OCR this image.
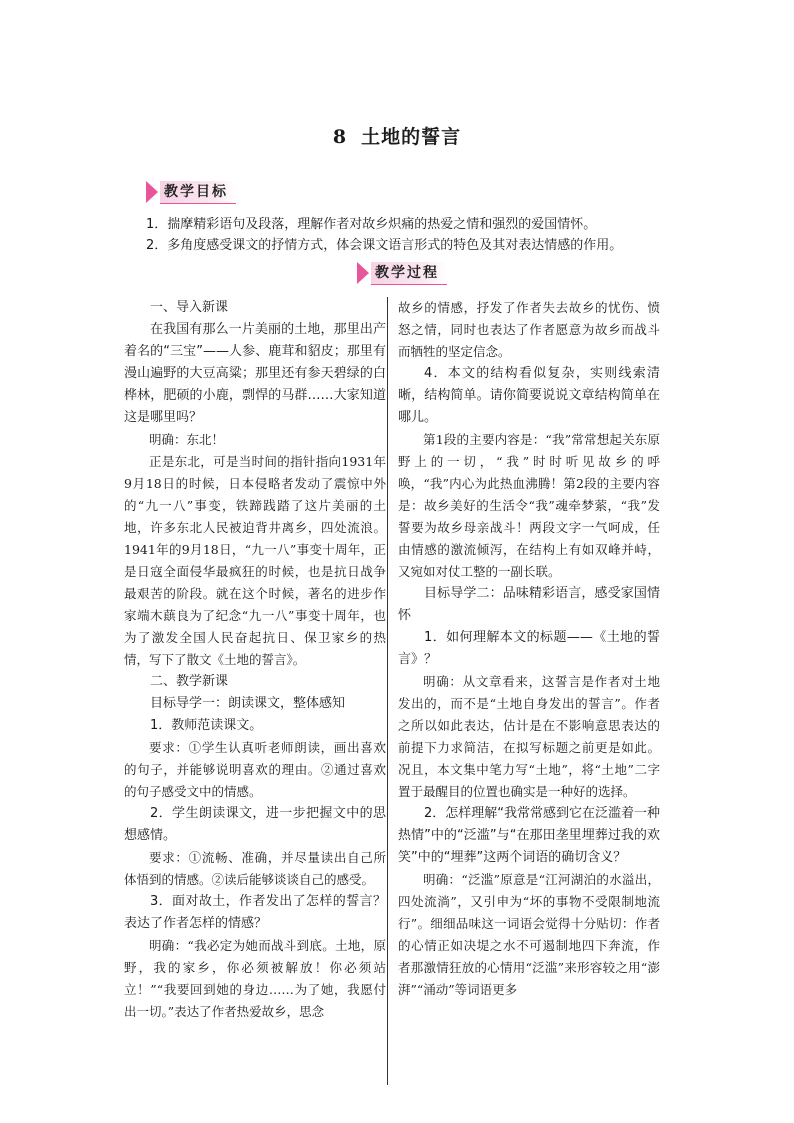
8 土地的誓言
教学目标
1．揣摩精彩语句及段落，理解作者对故乡炽痛的热爱之情和强烈的爱国情怀。
2．多角度感受课文的抒情方式，体会课文语言形式的特色及其对表达情感的作用。
教学过程

一、导入新课

在我国有那么一片美丽的土地，那里出产着名的“三宝”——人参、鹿茸和貂皮；那里有漫山遍野的大豆高粱；那里还有参天碧绿的白桦林，肥硕的小鹿，剽悍的马群……大家知道这是哪里吗？

明确：东北！

正是东北，可是当时间的指针指向1931年9月18日的时候，日本侵略者发动了震惊中外的“九一八”事变，铁蹄践踏了这片美丽的土地，许多东北人民被迫背井离乡，四处流浪。1941年的9月18日，“九一八”事变十周年，正是日寇全面侵华最疯狂的时候，也是抗日战争最艰苦的阶段。就在这个时候，著名的进步作家端木蕻良为了纪念“九一八”事变十周年，也为了激发全国人民奋起抗日、保卫家乡的热情，写下了散文《土地的誓言》。

二、教学新课

目标导学一：朗读课文，整体感知

1．教师范读课文。

要求：①学生认真听老师朗读，画出喜欢的句子，并能够说明喜欢的理由。②通过喜欢的句子感受文中的情感。

2．学生朗读课文，进一步把握文中的思想感情。

要求：①流畅、准确，并尽量读出自己所体悟到的情感。②读后能够谈谈自己的感受。

3．面对故土，作者发出了怎样的誓言？表达了作者怎样的情感？

明确：“我必定为她而战斗到底。土地，原野，我的家乡，你必须被解放！你必须站立！”“我要回到她的身边……为了她，我愿付出一切。”表达了作者热爱故乡，思念

故乡的情感，抒发了作者失去故乡的忧伤、愤怒之情，同时也表达了作者愿意为故乡而战斗而牺牲的坚定信念。

4．本文的结构看似复杂，实则线索清晰，结构简单。请你简要说说文章结构简单在哪儿。

第1段的主要内容是：“我”常常想起关东原野上的一切，“我”时时听见故乡的呼唤，“我”内心为此热血沸腾！第2段的主要内容是：故乡美好的生活令“我”魂牵梦萦，“我”发誓要为故乡母亲战斗！两段文字一气呵成，任由情感的激流倾泻，在结构上有如双峰并峙，又宛如对仗工整的一副长联。

目标导学二：品味精彩语言，感受家国情怀

1．如何理解本文的标题——《土地的誓言》？

明确：从文章看来，这誓言是作者对土地发出的，而不是“土地自身发出的誓言”。作者之所以如此表达，估计是在不影响意思表达的前提下力求简洁，在拟写标题之前更是如此。况且，本文集中笔力写“土地”，将“土地”二字置于最醒目的位置也确实是一种好的选择。

2．怎样理解“我常常感到它在泛滥着一种热情”中的“泛滥”与“在那田垄里埋葬过我的欢笑”中的“埋葬”这两个词语的确切含义？

明确：“泛滥”原意是“江河湖泊的水溢出，四处流淌”，又引申为“坏的事物不受限制地流行”。细细品味这一词语会觉得十分贴切：作者的心情正如决堤之水不可遏制地四下奔流，作者那激情狂放的心情用“泛滥”来形容较之用“澎湃”“涌动”等词语更多
